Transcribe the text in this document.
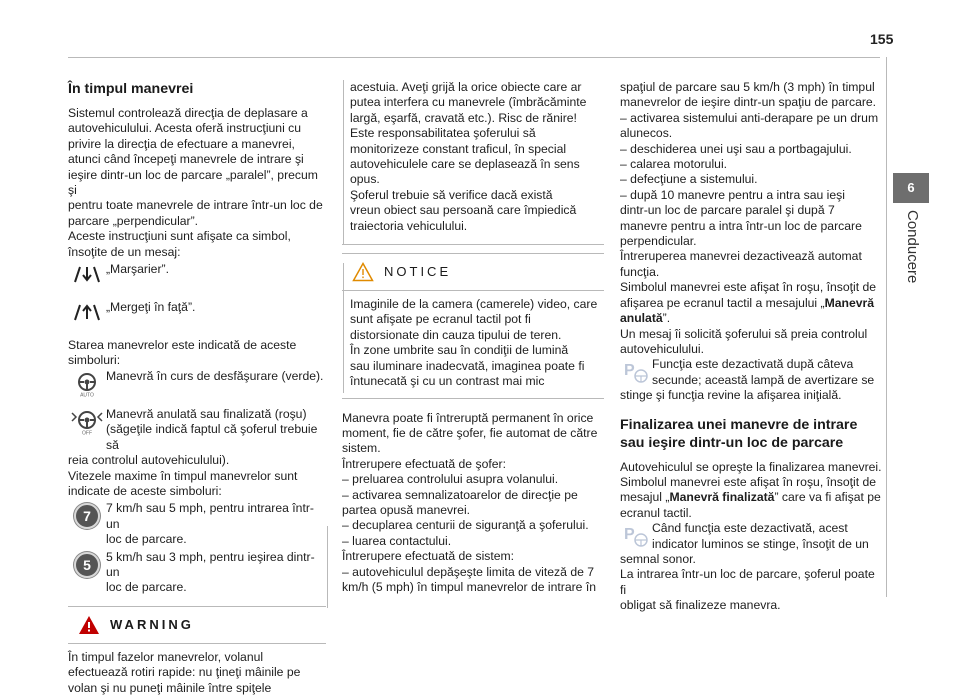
155
6
Conducere
În timpul manevrei

Sistemul controlează direcţia de deplasare a
autovehiculului. Acesta oferă instrucţiuni cu
privire la direcţia de efectuare a manevrei,
atunci când începeţi manevrele de intrare şi
ieşire dintr-un loc de parcare „paralel”, precum şi
pentru toate manevrele de intrare într-un loc de
parcare „perpendicular”.
Aceste instrucţiuni sunt afişate ca simbol,
însoţite de un mesaj:

„Marşarier”.
„Mergeţi în faţă”.

Starea manevrelor este indicată de aceste
simboluri:

AUTO
Manevră în curs de desfăşurare (verde).
OFF
Manevră anulată sau finalizată (roşu)
(săgeţile indică faptul că şoferul trebuie să

reia controlul autovehiculului).

Vitezele maxime în timpul manevrelor sunt
indicate de aceste simboluri:

7	7 km/h sau 5 mph, pentru intrarea într-un
loc de parcare.
5	5 km/h sau 3 mph, pentru ieşirea dintr-un
loc de parcare.
WARNING

În timpul fazelor manevrelor, volanul
efectuează rotiri rapide: nu ţineţi mâinile pe
volan şi nu puneţi mâinile între spiţele

acestuia. Aveţi grijă la orice obiecte care ar
putea interfera cu manevrele (îmbrăcăminte
largă, eşarfă, cravată etc.). Risc de rănire!
Este responsabilitatea şoferului să
monitorizeze constant traficul, în special
autovehiculele care se deplasează în sens
opus.
Şoferul trebuie să verifice dacă există
vreun obiect sau persoană care împiedică
traiectoria vehiculului.

NOTICE

Imaginile de la camera (camerele) video, care
sunt afişate pe ecranul tactil pot fi
distorsionate din cauza tipului de teren.
În zone umbrite sau în condiţii de lumină
sau iluminare inadecvată, imaginea poate fi
întunecată şi cu un contrast mai mic

Manevra poate fi întreruptă permanent în orice
moment, fie de către şofer, fie automat de către
sistem.
Întrerupere efectuată de şofer:
– preluarea controlului asupra volanului.
– activarea semnalizatoarelor de direcţie pe
partea opusă manevrei.
– decuplarea centurii de siguranţă a şoferului.
– luarea contactului.
Întrerupere efectuată de sistem:
– autovehiculul depăşeşte limita de viteză de 7
km/h (5 mph) în timpul manevrelor de intrare în

spaţiul de parcare sau 5 km/h (3 mph) în timpul
manevrelor de ieşire dintr-un spaţiu de parcare.
– activarea sistemului anti-derapare pe un drum
alunecos.
– deschiderea unei uşi sau a portbagajului.
– calarea motorului.
– defecţiune a sistemului.
– după 10 manevre pentru a intra sau ieşi
dintr-un loc de parcare paralel şi după 7
manevre pentru a intra într-un loc de parcare
perpendicular.
Întreruperea manevrei dezactivează automat
funcţia.
Simbolul manevrei este afişat în roşu, însoţit de
afişarea pe ecranul tactil a mesajului „Manevră anulată”.

Un mesaj îi solicită şoferului să preia controlul
autovehiculului.

P Funcţia este dezactivată după câteva
secunde; această lampă de avertizare se

stinge şi funcţia revine la afişarea iniţială.

Finalizarea unei manevre de intrare
sau ieşire dintr-un loc de parcare

Autovehiculul se opreşte la finalizarea manevrei.
Simbolul manevrei este afişat în roşu, însoţit de
mesajul „Manevră finalizată” care va fi afişat pe
ecranul tactil.

P Când funcţia este dezactivată, acest
indicator luminos se stinge, însoţit de un

semnal sonor.
La intrarea într-un loc de parcare, şoferul poate fi
obligat să finalizeze manevra.
